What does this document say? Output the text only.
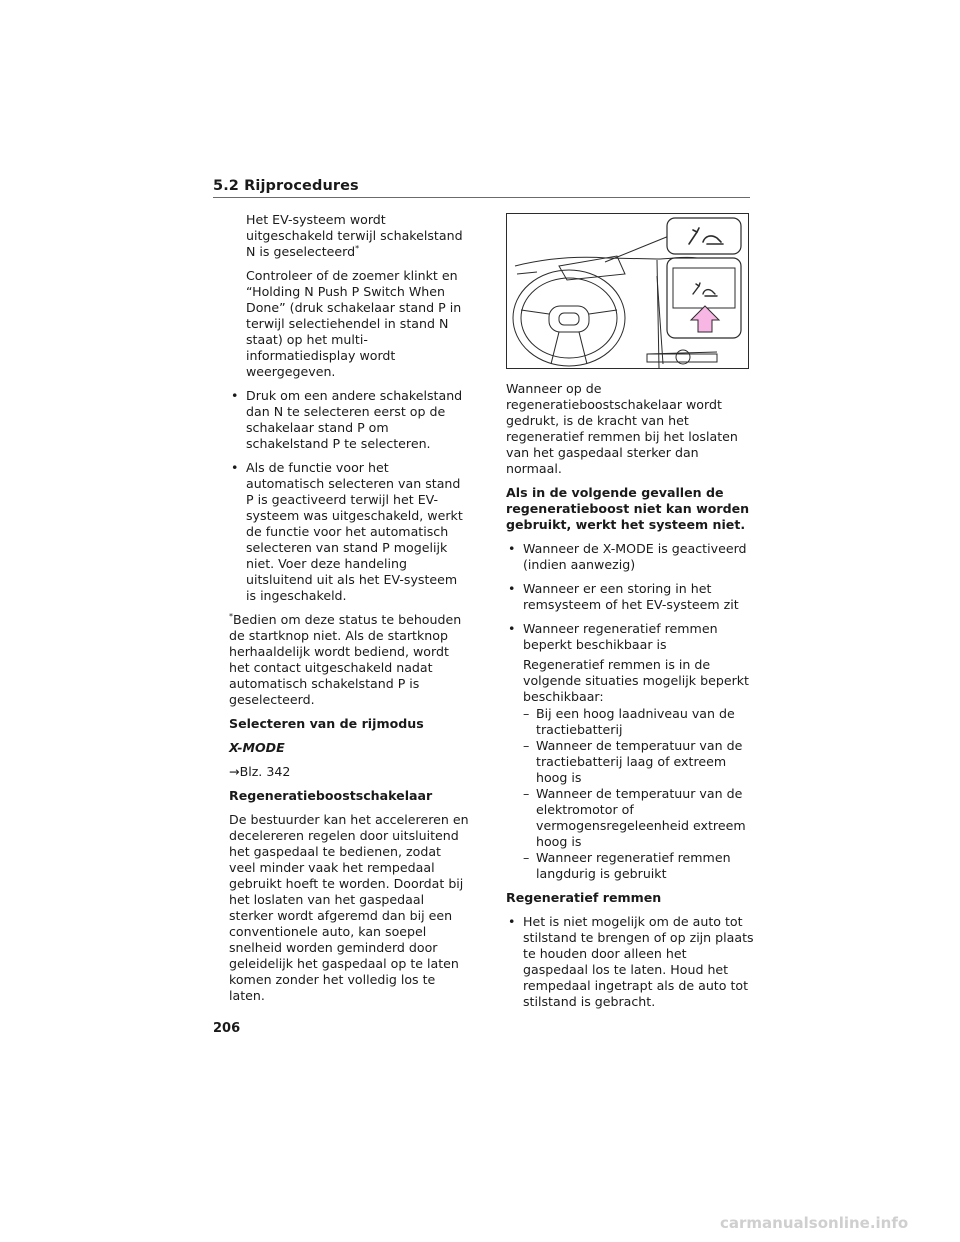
5.2 Rijprocedures

Het EV-systeem wordt uitgeschakeld terwijl schakelstand N is geselecteerd*

Controleer of de zoemer klinkt en “Holding N Push P Switch When Done” (druk schakelaar stand P in terwijl selectiehendel in stand N staat) op het multi-informatiedisplay wordt weergegeven.

• Druk om een andere schakelstand dan N te selecteren eerst op de schakelaar stand P om schakelstand P te selecteren.

• Als de functie voor het automatisch selecteren van stand P is geactiveerd terwijl het EV-systeem was uitgeschakeld, werkt de functie voor het automatisch selecteren van stand P mogelijk niet. Voer deze handeling uitsluitend uit als het EV-systeem is ingeschakeld.

*Bedien om deze status te behouden de startknop niet. Als de startknop herhaaldelijk wordt bediend, wordt het contact uitgeschakeld nadat automatisch schakelstand P is geselecteerd.

Selecteren van de rijmodus

X-MODE

→Blz. 342

Regeneratieboostschakelaar

De bestuurder kan het accelereren en decelereren regelen door uitsluitend het gaspedaal te bedienen, zodat veel minder vaak het rempedaal gebruikt hoeft te worden. Doordat bij het loslaten van het gaspedaal sterker wordt afgeremd dan bij een conventionele auto, kan soepel snelheid worden geminderd door geleidelijk het gaspedaal op te laten komen zonder het volledig los te laten.

Wanneer op de regeneratieboostschakelaar wordt gedrukt, is de kracht van het regeneratief remmen bij het loslaten van het gaspedaal sterker dan normaal.

Als in de volgende gevallen de regeneratieboost niet kan worden gebruikt, werkt het systeem niet.

• Wanneer de X-MODE is geactiveerd (indien aanwezig)

• Wanneer er een storing in het remsysteem of het EV-systeem zit

• Wanneer regeneratief remmen beperkt beschikbaar is

Regeneratief remmen is in de volgende situaties mogelijk beperkt beschikbaar:

– Bij een hoog laadniveau van de tractiebatterij
– Wanneer de temperatuur van de tractiebatterij laag of extreem hoog is
– Wanneer de temperatuur van de elektromotor of vermogensregeleenheid extreem hoog is
– Wanneer regeneratief remmen langdurig is gebruikt

Regeneratief remmen

• Het is niet mogelijk om de auto tot stilstand te brengen of op zijn plaats te houden door alleen het gaspedaal los te laten. Houd het rempedaal ingetrapt als de auto tot stilstand is gebracht.

206
carmanualsonline.info
